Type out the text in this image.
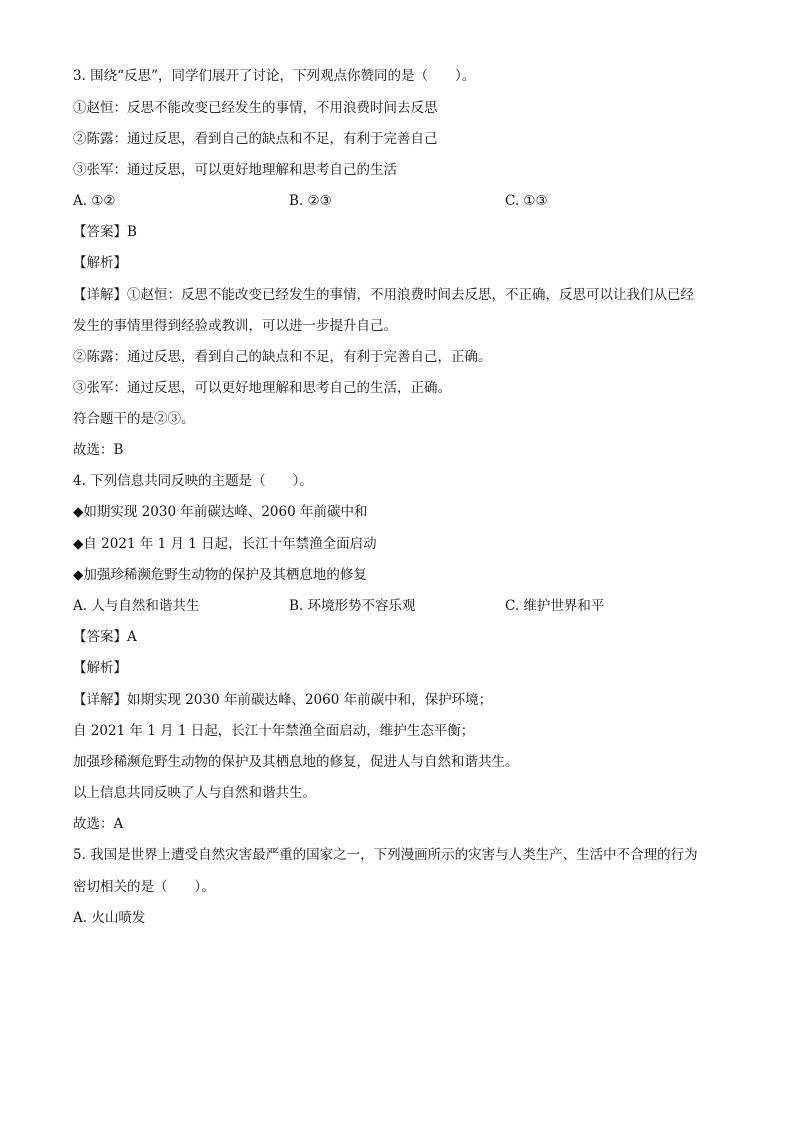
3. 围绕“反思”，同学们展开了讨论，下列观点你赞同的是（　　）。
①赵恒：反思不能改变已经发生的事情，不用浪费时间去反思
②陈露：通过反思，看到自己的缺点和不足，有利于完善自己
③张军：通过反思，可以更好地理解和思考自己的生活
A. ①②	B. ②③	C. ①③
【答案】B
【解析】
【详解】①赵恒：反思不能改变已经发生的事情，不用浪费时间去反思，不正确，反思可以让我们从已经
发生的事情里得到经验或教训，可以进一步提升自己。
②陈露：通过反思，看到自己的缺点和不足，有利于完善自己，正确。
③张军：通过反思，可以更好地理解和思考自己的生活，正确。
符合题干的是②③。
故选：B
4. 下列信息共同反映的主题是（　　）。
◆如期实现 2030 年前碳达峰、2060 年前碳中和
◆自 2021 年 1 月 1 日起，长江十年禁渔全面启动
◆加强珍稀濒危野生动物的保护及其栖息地的修复
A. 人与自然和谐共生	B. 环境形势不容乐观	C. 维护世界和平
【答案】A
【解析】
【详解】如期实现 2030 年前碳达峰、2060 年前碳中和，保护环境；
自 2021 年 1 月 1 日起，长江十年禁渔全面启动，维护生态平衡；
加强珍稀濒危野生动物的保护及其栖息地的修复，促进人与自然和谐共生。
以上信息共同反映了人与自然和谐共生。
故选：A
5. 我国是世界上遭受自然灾害最严重的国家之一，下列漫画所示的灾害与人类生产、生活中不合理的行为
密切相关的是（　　）。
A. 火山喷发
